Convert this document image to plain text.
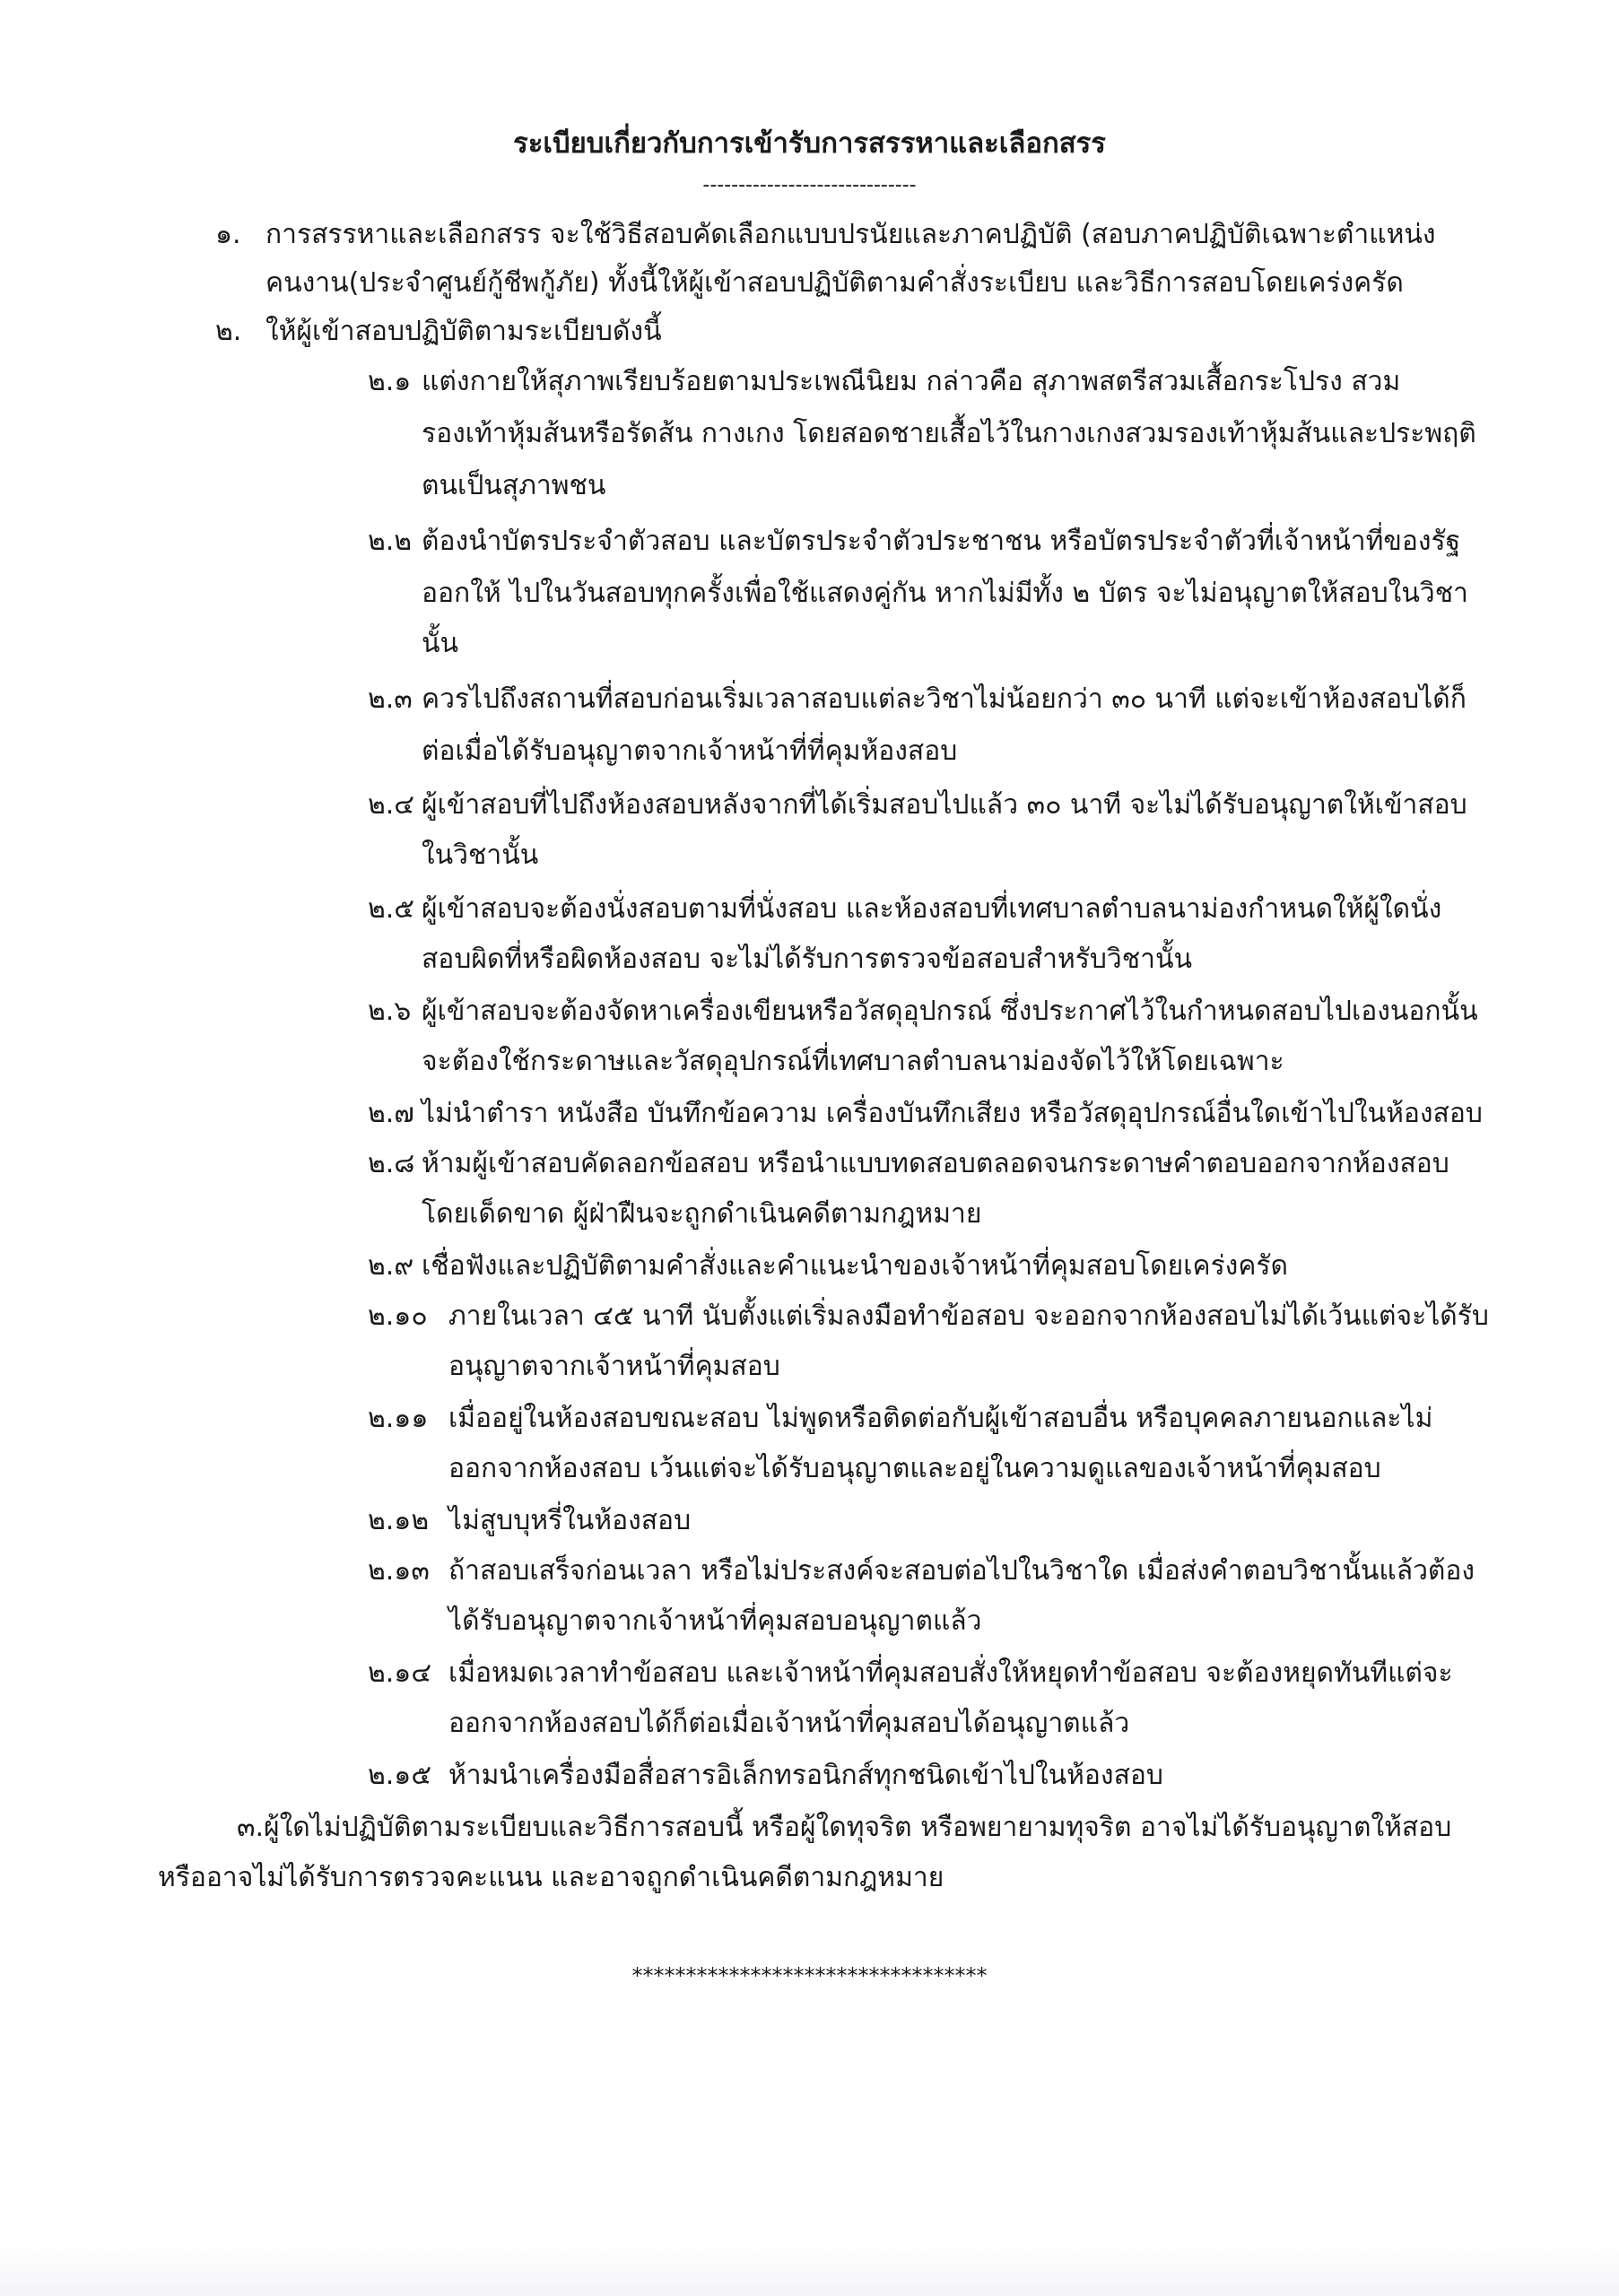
ระเบียบเกี่ยวกับการเข้ารับการสรรหาและเลือกสรร
------------------------------
๑. การสรรหาและเลือกสรร จะใช้วิธีสอบคัดเลือกแบบปรนัยและภาคปฏิบัติ (สอบภาคปฏิบัติเฉพาะตำแหน่ง
คนงาน(ประจำศูนย์กู้ชีพกู้ภัย) ทั้งนี้ให้ผู้เข้าสอบปฏิบัติตามคำสั่งระเบียบ และวิธีการสอบโดยเคร่งครัด
๒. ให้ผู้เข้าสอบปฏิบัติตามระเบียบดังนี้
๒.๑ แต่งกายให้สุภาพเรียบร้อยตามประเพณีนิยม กล่าวคือ สุภาพสตรีสวมเสื้อกระโปรง สวม
รองเท้าหุ้มส้นหรือรัดส้น กางเกง โดยสอดชายเสื้อไว้ในกางเกงสวมรองเท้าหุ้มส้นและประพฤติ
ตนเป็นสุภาพชน
๒.๒ ต้องนำบัตรประจำตัวสอบ และบัตรประจำตัวประชาชน หรือบัตรประจำตัวที่เจ้าหน้าที่ของรัฐ
ออกให้ ไปในวันสอบทุกครั้งเพื่อใช้แสดงคู่กัน หากไม่มีทั้ง ๒ บัตร จะไม่อนุญาตให้สอบในวิชา
นั้น
๒.๓ ควรไปถึงสถานที่สอบก่อนเริ่มเวลาสอบแต่ละวิชาไม่น้อยกว่า ๓๐ นาที แต่จะเข้าห้องสอบได้ก็
ต่อเมื่อได้รับอนุญาตจากเจ้าหน้าที่ที่คุมห้องสอบ
๒.๔ ผู้เข้าสอบที่ไปถึงห้องสอบหลังจากที่ได้เริ่มสอบไปแล้ว ๓๐ นาที จะไม่ได้รับอนุญาตให้เข้าสอบ
ในวิชานั้น
๒.๕ ผู้เข้าสอบจะต้องนั่งสอบตามที่นั่งสอบ และห้องสอบที่เทศบาลตำบลนาม่องกำหนดให้ผู้ใดนั่ง
สอบผิดที่หรือผิดห้องสอบ จะไม่ได้รับการตรวจข้อสอบสำหรับวิชานั้น
๒.๖ ผู้เข้าสอบจะต้องจัดหาเครื่องเขียนหรือวัสดุอุปกรณ์ ซึ่งประกาศไว้ในกำหนดสอบไปเองนอกนั้น
จะต้องใช้กระดาษและวัสดุอุปกรณ์ที่เทศบาลตำบลนาม่องจัดไว้ให้โดยเฉพาะ
๒.๗ ไม่นำตำรา หนังสือ บันทึกข้อความ เครื่องบันทึกเสียง หรือวัสดุอุปกรณ์อื่นใดเข้าไปในห้องสอบ
๒.๘ ห้ามผู้เข้าสอบคัดลอกข้อสอบ หรือนำแบบทดสอบตลอดจนกระดาษคำตอบออกจากห้องสอบ
โดยเด็ดขาด ผู้ฝ่าฝืนจะถูกดำเนินคดีตามกฎหมาย
๒.๙ เชื่อฟังและปฏิบัติตามคำสั่งและคำแนะนำของเจ้าหน้าที่คุมสอบโดยเคร่งครัด
๒.๑๐ ภายในเวลา ๔๕ นาที นับตั้งแต่เริ่มลงมือทำข้อสอบ จะออกจากห้องสอบไม่ได้เว้นแต่จะได้รับ
อนุญาตจากเจ้าหน้าที่คุมสอบ
๒.๑๑ เมื่ออยู่ในห้องสอบขณะสอบ ไม่พูดหรือติดต่อกับผู้เข้าสอบอื่น หรือบุคคลภายนอกและไม่
ออกจากห้องสอบ เว้นแต่จะได้รับอนุญาตและอยู่ในความดูแลของเจ้าหน้าที่คุมสอบ
๒.๑๒ ไม่สูบบุหรี่ในห้องสอบ
๒.๑๓ ถ้าสอบเสร็จก่อนเวลา หรือไม่ประสงค์จะสอบต่อไปในวิชาใด เมื่อส่งคำตอบวิชานั้นแล้วต้อง
ได้รับอนุญาตจากเจ้าหน้าที่คุมสอบอนุญาตแล้ว
๒.๑๔ เมื่อหมดเวลาทำข้อสอบ และเจ้าหน้าที่คุมสอบสั่งให้หยุดทำข้อสอบ จะต้องหยุดทันทีแต่จะ
ออกจากห้องสอบได้ก็ต่อเมื่อเจ้าหน้าที่คุมสอบได้อนุญาตแล้ว
๒.๑๕ ห้ามนำเครื่องมือสื่อสารอิเล็กทรอนิกส์ทุกชนิดเข้าไปในห้องสอบ
๓.ผู้ใดไม่ปฏิบัติตามระเบียบและวิธีการสอบนี้ หรือผู้ใดทุจริต หรือพยายามทุจริต อาจไม่ได้รับอนุญาตให้สอบ
หรืออาจไม่ได้รับการตรวจคะแนน และอาจถูกดำเนินคดีตามกฎหมาย
*********************************
